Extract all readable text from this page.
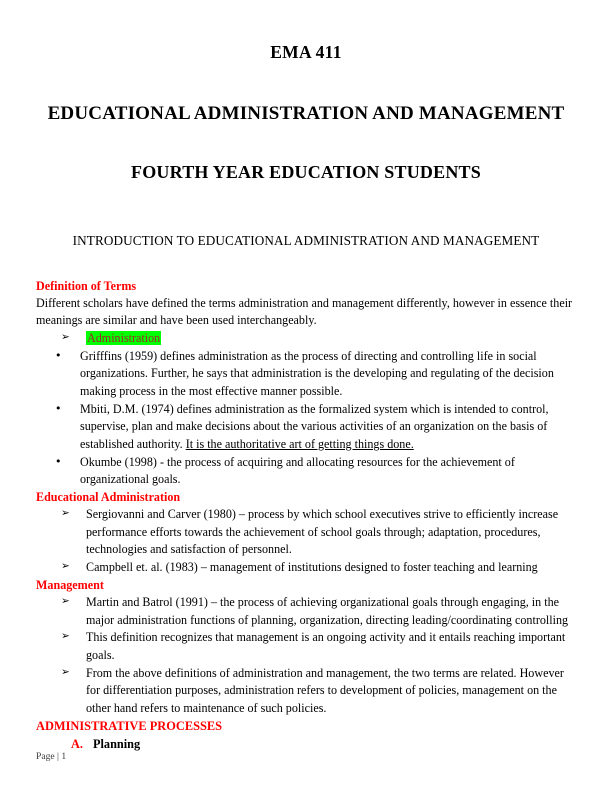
EMA 411
EDUCATIONAL ADMINISTRATION AND MANAGEMENT
FOURTH YEAR EDUCATION STUDENTS
INTRODUCTION TO EDUCATIONAL ADMINISTRATION AND MANAGEMENT
Definition of Terms

Different scholars have defined the terms administration and management differently, however in essence their meanings are similar and have been used interchangeably.

➢	Administration
•	Grifffins (1959) defines administration as the process of directing and controlling life in social organizations. Further, he says that administration is the developing and regulating of the decision making process in the most effective manner possible.
•	Mbiti, D.M. (1974) defines administration as the formalized system which is intended to control, supervise, plan and make decisions about the various activities of an organization on the basis of established authority. It is the authoritative art of getting things done.
•	Okumbe (1998) - the process of acquiring and allocating resources for the achievement of organizational goals.
Educational Administration
➢	Sergiovanni and Carver (1980) – process by which school executives strive to efficiently increase performance efforts towards the achievement of school goals through; adaptation, procedures, technologies and satisfaction of personnel.
➢	Campbell et. al. (1983) – management of institutions designed to foster teaching and learning
Management
➢	Martin and Batrol (1991) – the process of achieving organizational goals through engaging, in the major administration functions of planning, organization, directing leading/coordinating controlling
➢	This definition recognizes that management is an ongoing activity and it entails reaching important goals.
➢	From the above definitions of administration and management, the two terms are related. However for differentiation purposes, administration refers to development of policies, management on the other hand refers to maintenance of such policies.
ADMINISTRATIVE PROCESSES
A. Planning
Page | 1
